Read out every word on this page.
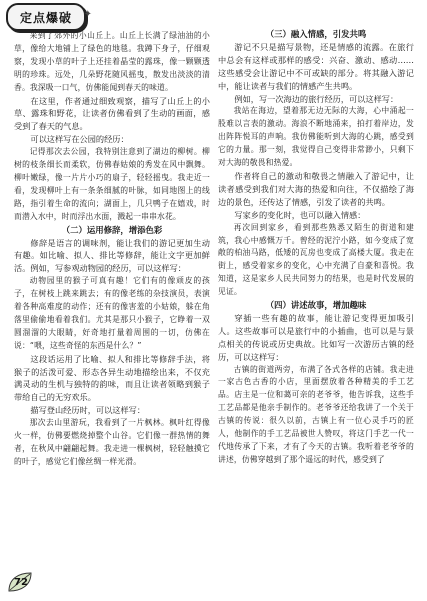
定点爆破 ✦

来到了郊外的小山丘上。山丘上长满了绿油油的小草，像给大地铺上了绿色的地毯。我蹲下身子，仔细观察，发现小草的叶子上还挂着晶莹的露珠，像一颗颗透明的珍珠。远处，几朵野花随风摇曳，散发出淡淡的清香。我深吸一口气，仿佛能闻到春天的味道。

在这里，作者通过细致观察，描写了山丘上的小草、露珠和野花，让读者仿佛看到了生动的画面，感受到了春天的气息。

可以这样写在公园的经历：

记得那次去公园，我特别注意到了湖边的柳树。柳树的枝条细长而柔软，仿佛春姑娘的秀发在风中飘舞。柳叶嫩绿，像一片片小巧的扇子，轻轻摇曳。我走近一看，发现柳叶上有一条条细腻的叶脉，如同地图上的线路，指引着生命的流向；湖面上，几只鸭子在嬉戏，时而潜入水中，时而浮出水面，溅起一串串水花。

（二）运用修辞，增添色彩

修辞是语言的调味剂，能让我们的游记更加生动有趣。如比喻、拟人、排比等修辞，能让文字更加鲜活。例如，写参观动物园的经历，可以这样写：

动物园里的猴子可真有趣！它们有的像顽皮的孩子，在树枝上跳来跳去；有的像老练的杂技演员，表演着各种高难度的动作；还有的像害羞的小姑娘，躲在角落里偷偷地看着我们。尤其是那只小猴子，它睁着一双圆溜溜的大眼睛，好奇地打量着周围的一切，仿佛在说：“喂，这些奇怪的东西是什么？”

这段话运用了比喻、拟人和排比等修辞手法，将猴子的活泼可爱、形态各异生动地描绘出来，不仅充满灵动的生机与独特的韵味，而且让读者领略到猴子带给自己的无穷欢乐。

描写登山经历时，可以这样写：

那次去山里游玩，我看到了一片枫林。枫叶红得像火一样，仿佛要燃烧掉整个山谷。它们像一群热情的舞者，在秋风中翩翩起舞。我走进一棵枫树，轻轻触摸它的叶子，感觉它们像丝绸一样光滑。

（三）融入情感，引发共鸣

游记不只是描写景物，还是情感的流露。在旅行中总会有这样或那样的感受：兴奋、激动、感动……这些感受会让游记中不可或缺的部分。将其融入游记中，能让读者与我们的情感产生共鸣。

例如，写一次海边的旅行经历，可以这样写：

我站在海边，望着那无边无际的大海，心中涌起一股难以言表的激动。海浪不断地涌来，拍打着岸边，发出阵阵悦耳的声响。我仿佛能听到大海的心跳，感受到它的力量。那一刻，我觉得自己变得非常渺小，只剩下对大海的敬畏和热爱。

作者将自己的激动和敬畏之情融入了游记中，让读者感受到我们对大海的热爱和向往，不仅描绘了海边的景色，还传达了情感，引发了读者的共鸣。

写家乡的变化时，也可以融入情感：

再次回到家乡，看到那些熟悉又陌生的街道和建筑，我心中感慨万千。曾经的泥泞小路，如今变成了宽敞的柏油马路，低矮的瓦房也变成了高楼大厦。我走在街上，感受着家乡的变化，心中充满了自豪和喜悦。我知道，这是家乡人民共同努力的结果，也是时代发展的见证。

（四）讲述故事，增加趣味

穿插一些有趣的故事，能让游记变得更加吸引人。这些故事可以是旅行中的小插曲，也可以是与景点相关的传说或历史典故。比如写一次游历古镇的经历，可以这样写：

古镇的街道两旁，布满了各式各样的店铺。我走进一家古色古香的小店，里面摆放着各种精美的手工艺品。店主是一位和蔼可亲的老爷爷，他告诉我，这些手工艺品都是他亲手制作的。老爷爷还给我讲了一个关于古镇的传说：很久以前，古镇上有一位心灵手巧的匠人，他制作的手工艺品被世人赞叹，将这门手艺一代一代地传承了下来，才有了今天的古镇。我听着老爷爷的讲述，仿佛穿越到了那个遥远的时代，感受到了

72
